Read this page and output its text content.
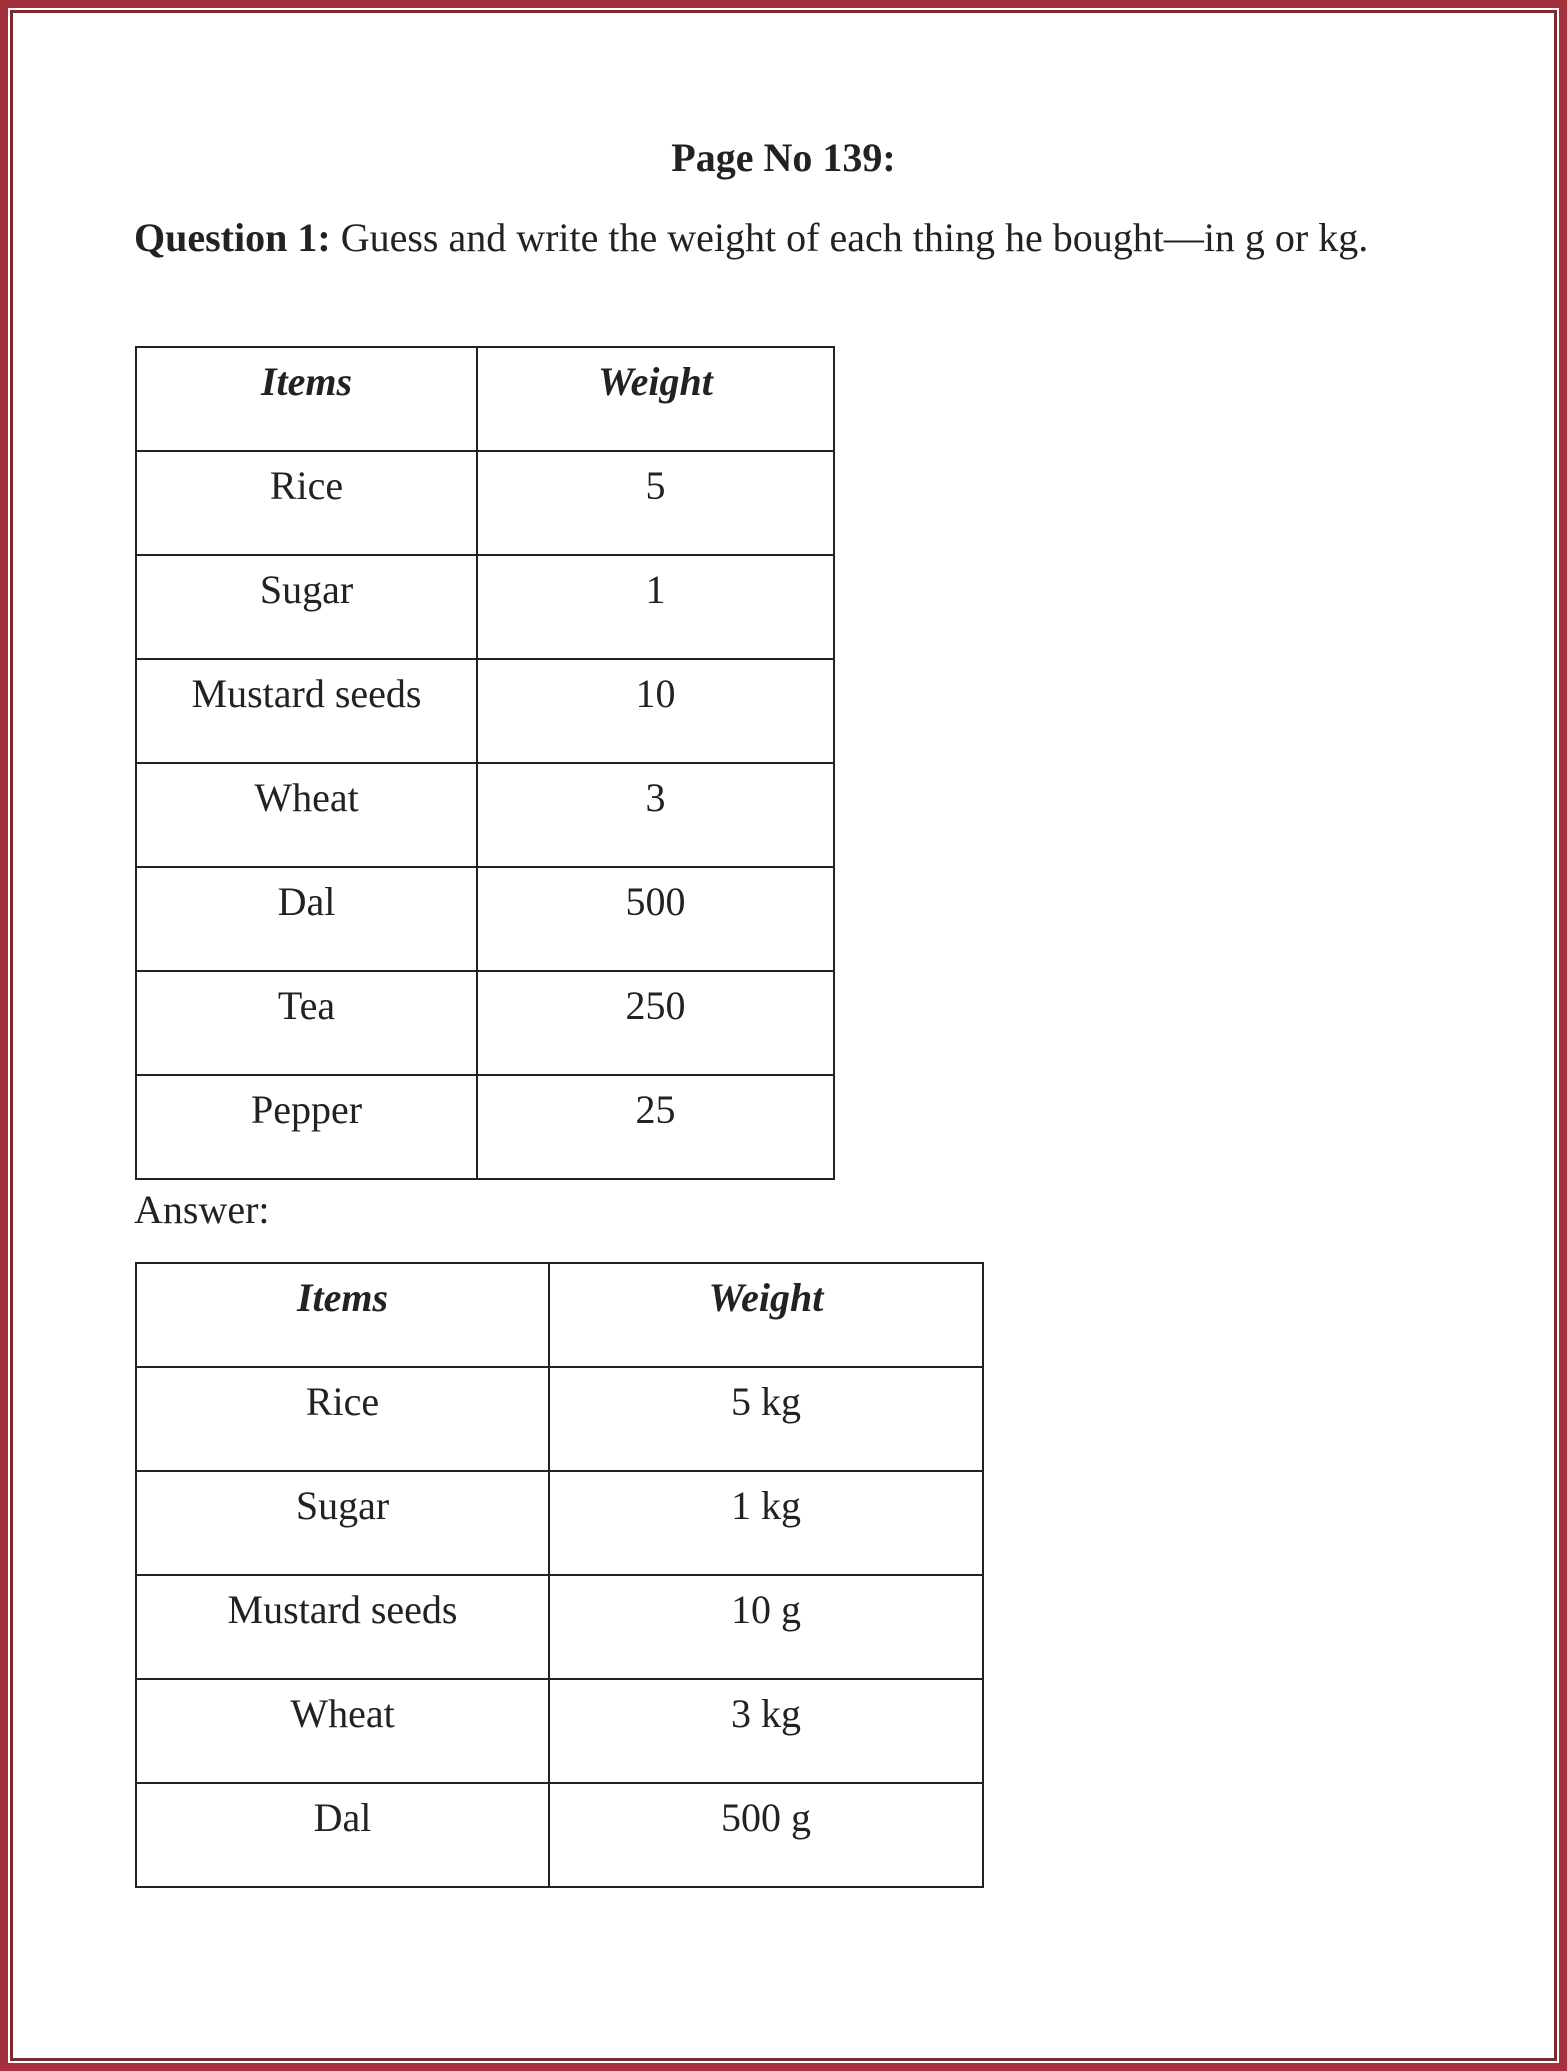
Page No 139:
Question 1: Guess and write the weight of each thing he bought—in g or kg.
Items	Weight
Rice	5
Sugar	1
Mustard seeds	10
Wheat	3
Dal	500
Tea	250
Pepper	25
Answer:
Items	Weight
Rice	5 kg
Sugar	1 kg
Mustard seeds	10 g
Wheat	3 kg
Dal	500 g
